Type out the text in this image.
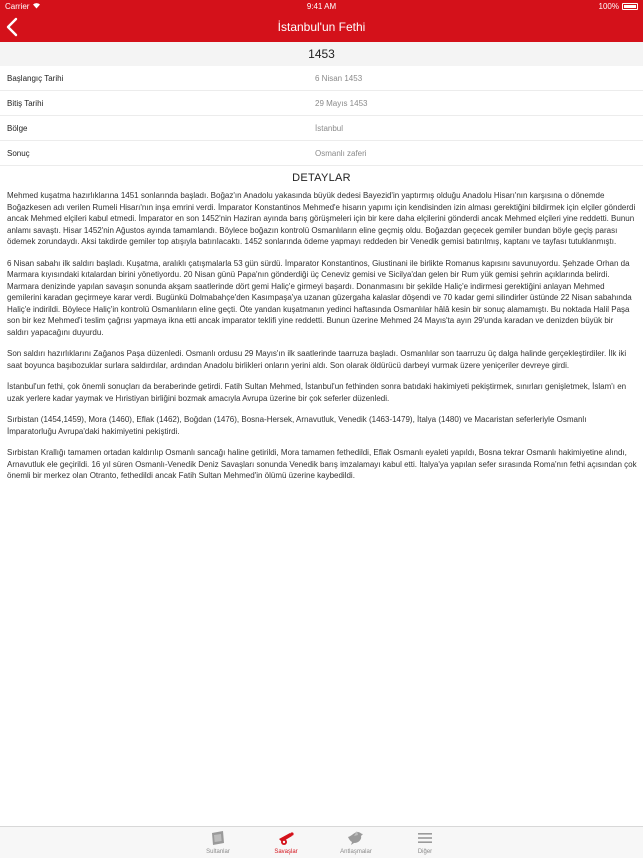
Carrier	9:41 AM	100%
İstanbul'un Fethi
1453
Başlangıç Tarihi	6 Nisan 1453
Bitiş Tarihi	29 Mayıs 1453
Bölge	İstanbul
Sonuç	Osmanlı zaferi
DETAYLAR

Mehmed kuşatma hazırlıklarına 1451 sonlarında başladı. Boğaz'ın Anadolu yakasında büyük dedesi Bayezid'in yaptırmış olduğu Anadolu Hisarı'nın karşısına o dönemde Boğazkesen adı verilen Rumeli Hisarı'nın inşa emrini verdi. İmparator Konstantinos Mehmed'e hisarın yapımı için kendisinden izin alması gerektiğini bildirmek için elçiler gönderdi ancak Mehmed elçileri kabul etmedi. İmparator en son 1452'nin Haziran ayında barış görüşmeleri için bir kere daha elçilerini gönderdi ancak Mehmed elçileri yine reddetti. Bunun anlamı savaştı. Hisar 1452'nin Ağustos ayında tamamlandı. Böylece boğazın kontrolü Osmanlıların eline geçmiş oldu. Boğazdan geçecek gemiler bundan böyle geçiş parası ödemek zorundaydı. Aksi takdirde gemiler top atışıyla batırılacaktı. 1452 sonlarında ödeme yapmayı reddeden bir Venedik gemisi batırılmış, kaptanı ve tayfası tutuklanmıştı.

6 Nisan sabahı ilk saldırı başladı. Kuşatma, aralıklı çatışmalarla 53 gün sürdü. İmparator Konstantinos, Giustinani ile birlikte Romanus kapısını savunuyordu. Şehzade Orhan da Marmara kıyısındaki kıtalardan birini yönetiyordu. 20 Nisan günü Papa'nın gönderdiği üç Ceneviz gemisi ve Sicilya'dan gelen bir Rum yük gemisi şehrin açıklarında belirdi. Marmara denizinde yapılan savaşın sonunda akşam saatlerinde dört gemi Haliç'e girmeyi başardı. Donanmasını bir şekilde Haliç'e indirmesi gerektiğini anlayan Mehmed gemilerini karadan geçirmeye karar verdi. Bugünkü Dolmabahçe'den Kasımpaşa'ya uzanan güzergaha kalaslar döşendi ve 70 kadar gemi silindirler üstünde 22 Nisan sabahında Haliç'e indirildi. Böylece Haliç'in kontrolü Osmanlıların eline geçti. Öte yandan kuşatmanın yedinci haftasında Osmanlılar hâlâ kesin bir sonuç alamamıştı. Bu noktada Halil Paşa son bir kez Mehmed'i teslim çağrısı yapmaya ikna etti ancak imparator teklifi yine reddetti. Bunun üzerine Mehmed 24 Mayıs'ta ayın 29'unda karadan ve denizden büyük bir saldırı yapacağını duyurdu.

Son saldırı hazırlıklarını Zağanos Paşa düzenledi. Osmanlı ordusu 29 Mayıs'ın ilk saatlerinde taarruza başladı. Osmanlılar son taarruzu üç dalga halinde gerçekleştirdiler. İlk iki saat boyunca başıbozuklar surlara saldırdılar, ardından Anadolu birlikleri onların yerini aldı. Son olarak öldürücü darbeyi vurmak üzere yeniçeriler devreye girdi.

İstanbul'un fethi, çok önemli sonuçları da beraberinde getirdi. Fatih Sultan Mehmed, İstanbul'un fethinden sonra batıdaki hakimiyeti pekiştirmek, sınırları genişletmek, İslam'ı en uzak yerlere kadar yaymak ve Hıristiyan birliğini bozmak amacıyla Avrupa üzerine bir çok seferler düzenledi.

Sırbistan (1454,1459), Mora (1460), Eflak (1462), Boğdan (1476), Bosna-Hersek, Arnavutluk, Venedik (1463-1479), İtalya (1480) ve Macaristan seferleriyle Osmanlı İmparatorluğu Avrupa'daki hakimiyetini pekiştirdi.

Sırbistan Krallığı tamamen ortadan kaldırılıp Osmanlı sancağı haline getirildi, Mora tamamen fethedildi, Eflak Osmanlı eyaleti yapıldı, Bosna tekrar Osmanlı hakimiyetine alındı, Arnavutluk ele geçirildi. 16 yıl süren Osmanlı-Venedik Deniz Savaşları sonunda Venedik barış imzalamayı kabul etti. İtalya'ya yapılan sefer sırasında Roma'nın fethi açısından çok önemli bir merkez olan Otranto, fethedildi ancak Fatih Sultan Mehmed'in ölümü üzerine kaybedildi.

Sultanlar	Savaşlar	Antlaşmalar	Diğer
